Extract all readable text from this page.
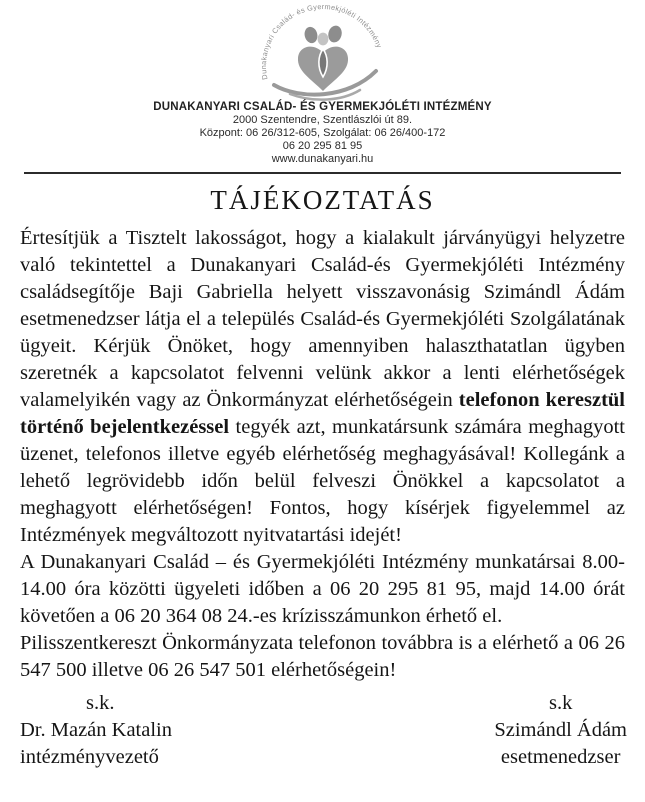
Dunakanyari Család- és Gyermekjóléti Intézmény
DUNAKANYARI CSALÁD- ÉS GYERMEKJÓLÉTI INTÉZMÉNY
2000 Szentendre, Szentlászlói út 89.
Központ: 06 26/312-605, Szolgálat: 06 26/400-172
06 20 295 81 95
www.dunakanyari.hu
TÁJÉKOZTATÁS

Értesítjük a Tisztelt lakosságot, hogy a kialakult járványügyi helyzetre való tekintettel a Dunakanyari Család-és Gyermekjóléti Intézmény családsegítője Baji Gabriella helyett visszavonásig Szimándl Ádám esetmenedzser látja el a település Család-és Gyermekjóléti Szolgálatának ügyeit. Kérjük Önöket, hogy amennyiben halaszthatatlan ügyben szeretnék a kapcsolatot felvenni velünk akkor a lenti elérhetőségek valamelyikén vagy az Önkormányzat elérhetőségein telefonon keresztül történő bejelentkezéssel tegyék azt, munkatársunk számára meghagyott üzenet, telefonos illetve egyéb elérhetőség meghagyásával! Kollegánk a lehető legrövidebb időn belül felveszi Önökkel a kapcsolatot a meghagyott elérhetőségen! Fontos, hogy kísérjek figyelemmel az Intézmények megváltozott nyitvatartási idejét!

A Dunakanyari Család – és Gyermekjóléti Intézmény munkatársai 8.00-14.00 óra közötti ügyeleti időben a 06 20 295 81 95, majd 14.00 órát követően a 06 20 364 08 24.-es krízisszámunkon érhető el.

Pilisszentkereszt Önkormányzata telefonon továbbra is a elérhető a 06 26 547 500 illetve 06 26 547 501 elérhetőségein!

s.k.
Dr. Mazán Katalin
intézményvezető
s.k
Szimándl Ádám
esetmenedzser
